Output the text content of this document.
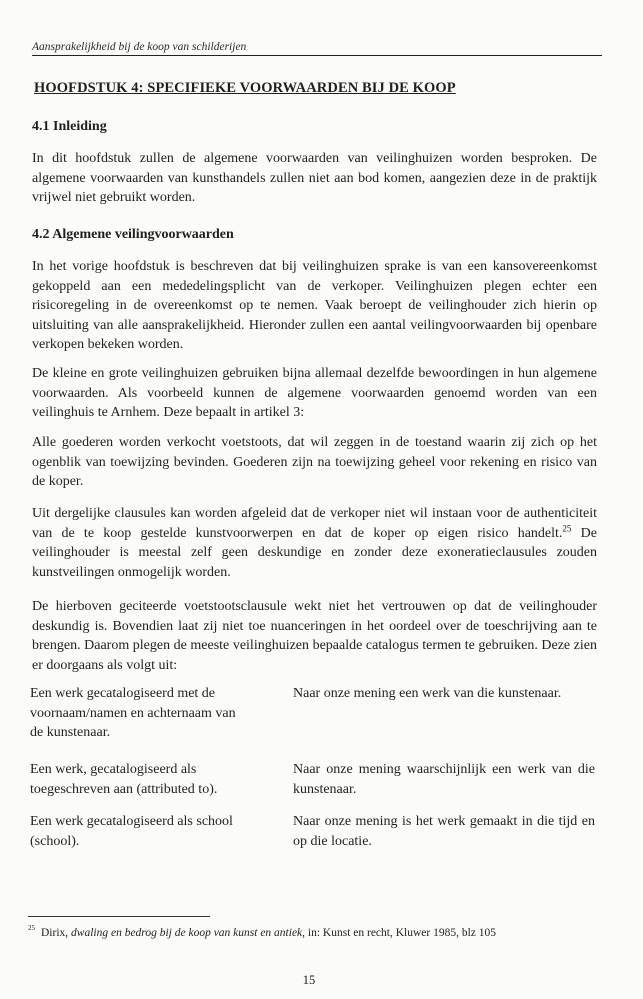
Aansprakelijkheid bij de koop van schilderijen
HOOFDSTUK 4: SPECIFIEKE VOORWAARDEN BIJ DE KOOP
4.1 Inleiding
In dit hoofdstuk zullen de algemene voorwaarden van veilinghuizen worden besproken. De algemene voorwaarden van kunsthandels zullen niet aan bod komen, aangezien deze in de praktijk vrijwel niet gebruikt worden.
4.2 Algemene veilingvoorwaarden
In het vorige hoofdstuk is beschreven dat bij veilinghuizen sprake is van een kansovereenkomst gekoppeld aan een mededelingsplicht van de verkoper. Veilinghuizen plegen echter een risicoregeling in de overeenkomst op te nemen. Vaak beroept de veilinghouder zich hierin op uitsluiting van alle aansprakelijkheid. Hieronder zullen een aantal veilingvoorwaarden bij openbare verkopen bekeken worden.
De kleine en grote veilinghuizen gebruiken bijna allemaal dezelfde bewoordingen in hun algemene voorwaarden. Als voorbeeld kunnen de algemene voorwaarden genoemd worden van een veilinghuis te Arnhem. Deze bepaalt in artikel 3:
Alle goederen worden verkocht voetstoots, dat wil zeggen in de toestand waarin zij zich op het ogenblik van toewijzing bevinden. Goederen zijn na toewijzing geheel voor rekening en risico van de koper.
Uit dergelijke clausules kan worden afgeleid dat de verkoper niet wil instaan voor de authenticiteit van de te koop gestelde kunstvoorwerpen en dat de koper op eigen risico handelt.$^{25}$ De veilinghouder is meestal zelf geen deskundige en zonder deze exoneratieclausules zouden kunstveilingen onmogelijk worden.
De hierboven geciteerde voetstootsclausule wekt niet het vertrouwen op dat de veilinghouder deskundig is. Bovendien laat zij niet toe nuanceringen in het oordeel over de toeschrijving aan te brengen. Daarom plegen de meeste veilinghuizen bepaalde catalogus termen te gebruiken. Deze zien er doorgaans als volgt uit:
Een werk gecatalogiseerd met de voornaam/namen en achternaam van de kunstenaar.
Naar onze mening een werk van die kunstenaar.
Een werk, gecatalogiseerd als toegeschreven aan (attributed to).
Naar onze mening waarschijnlijk een werk van die kunstenaar.
Een werk gecatalogiseerd als school (school).
Naar onze mening is het werk gemaakt in die tijd en op die locatie.
$^{25}$ Dirix, dwaling en bedrog bij de koop van kunst en antiek, in: Kunst en recht, Kluwer 1985, blz 105
15
